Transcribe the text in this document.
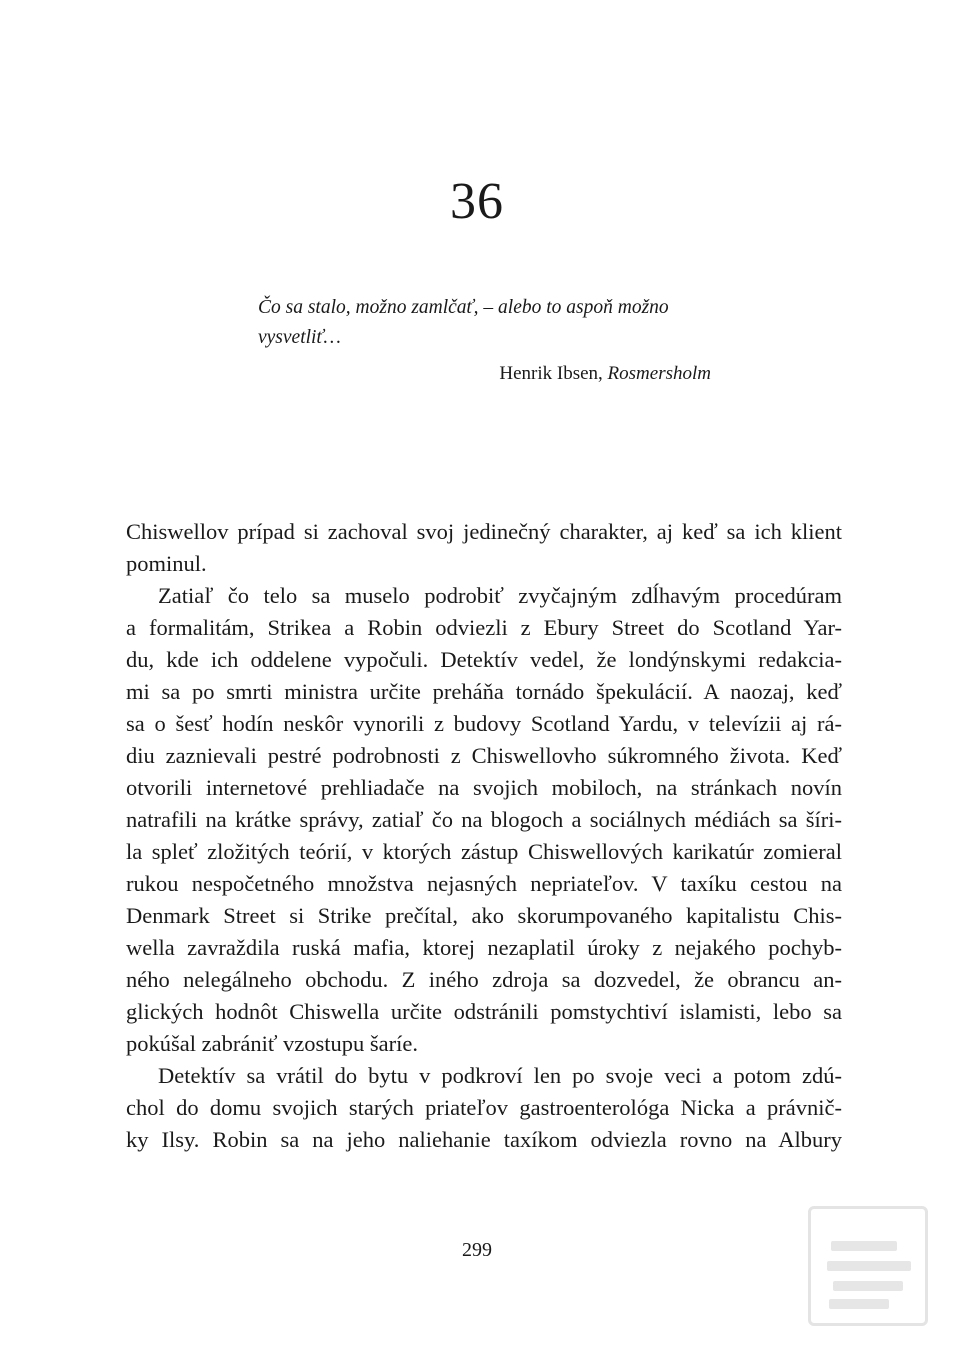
36
Čo sa stalo, možno zamlčať, – alebo to aspoň možno
vysvetliť…
Henrik Ibsen, Rosmersholm
Chiswellov prípad si zachoval svoj jedinečný charakter, aj keď sa ich klient
pominul.
Zatiaľ čo telo sa muselo podrobiť zvyčajným zdĺhavým procedúram
a formalitám, Strikea a Robin odviezli z Ebury Street do Scotland Yar-
du, kde ich oddelene vypočuli. Detektív vedel, že londýnskymi redakcia-
mi sa po smrti ministra určite preháňa tornádo špekulácií. A naozaj, keď
sa o šesť hodín neskôr vynorili z budovy Scotland Yardu, v televízii aj rá-
diu zaznievali pestré podrobnosti z Chiswellovho súkromného života. Keď
otvorili internetové prehliadače na svojich mobiloch, na stránkach novín
natrafili na krátke správy, zatiaľ čo na blogoch a sociálnych médiách sa šíri-
la spleť zložitých teórií, v ktorých zástup Chiswellových karikatúr zomieral
rukou nespočetného množstva nejasných nepriateľov. V taxíku cestou na
Denmark Street si Strike prečítal, ako skorumpovaného kapitalistu Chis-
wella zavraždila ruská mafia, ktorej nezaplatil úroky z nejakého pochyb-
ného nelegálneho obchodu. Z iného zdroja sa dozvedel, že obrancu an-
glických hodnôt Chiswella určite odstránili pomstychtiví islamisti, lebo sa
pokúšal zabrániť vzostupu šaríe.
Detektív sa vrátil do bytu v podkroví len po svoje veci a potom zdú-
chol do domu svojich starých priateľov gastroenterológa Nicka a právnič-
ky Ilsy. Robin sa na jeho naliehanie taxíkom odviezla rovno na Albury
299
